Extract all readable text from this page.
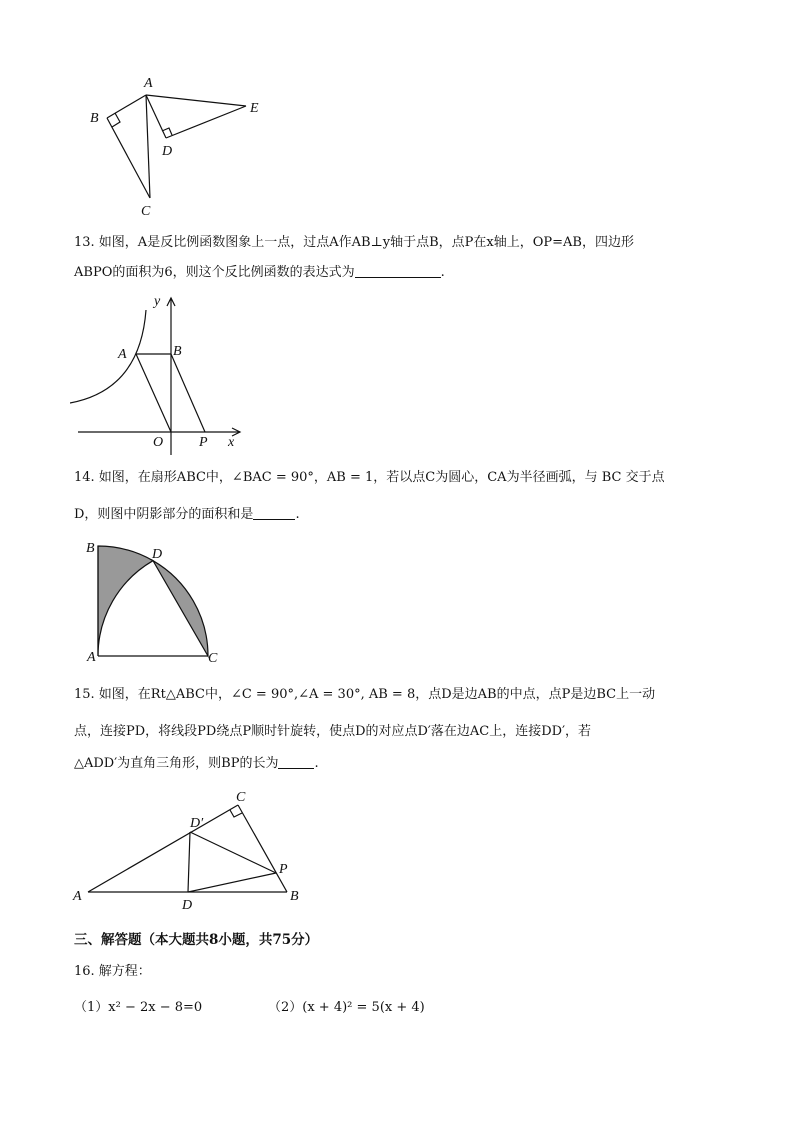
A
B
C
D
E
13. 如图，A是反比例函数图象上一点，过点A作AB⊥y轴于点B，点P在x轴上，OP=AB，四边形
ABPO的面积为6，则这个反比例函数的表达式为	.
y
A	B
O	P x
14. 如图，在扇形ABC中，∠BAC = 90°，AB = 1，若以点C为圆心，CA为半径画弧，与 BC 交于点
D，则图中阴影部分的面积和是	.
B	D
A	C
15. 如图，在Rt△ABC中，∠C = 90°,∠A = 30°, AB = 8，点D是边AB的中点，点P是边BC上一动
点，连接PD，将线段PD绕点P顺时针旋转，使点D的对应点D′落在边AC上，连接DD′，若
△ADD′为直角三角形，则BP的长为	.
C
D′
P
A
D
B
三、解答题（本大题共8小题，共75分）
16. 解方程：
（1）x² − 2x − 8=0	（2）(x + 4)² = 5(x + 4)
